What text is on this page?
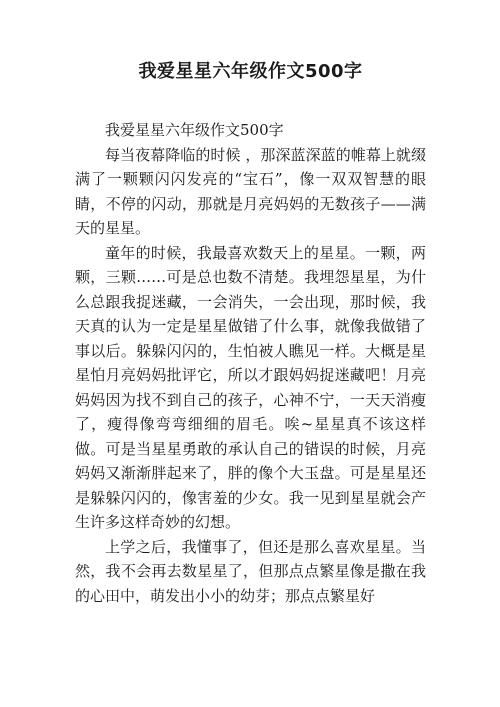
我爱星星六年级作文500字

我爱星星六年级作文500字

每当夜幕降临的时候 ，那深蓝深蓝的帷幕上就缀满了一颗颗闪闪发亮的“宝石”，像一双双智慧的眼睛，不停的闪动，那就是月亮妈妈的无数孩子——满天的星星。

童年的时候，我最喜欢数天上的星星。一颗，两颗，三颗……可是总也数不清楚。我埋怨星星，为什么总跟我捉迷藏，一会消失，一会出现，那时候，我天真的认为一定是星星做错了什么事，就像我做错了事以后。躲躲闪闪的，生怕被人瞧见一样。大概是星星怕月亮妈妈批评它，所以才跟妈妈捉迷藏吧！月亮妈妈因为找不到自己的孩子，心神不宁，一天天消瘦了，瘦得像弯弯细细的眉毛。唉~星星真不该这样做。可是当星星勇敢的承认自己的错误的时候，月亮妈妈又渐渐胖起来了，胖的像个大玉盘。可是星星还是躲躲闪闪的，像害羞的少女。我一见到星星就会产生许多这样奇妙的幻想。

上学之后，我懂事了，但还是那么喜欢星星。当然，我不会再去数星星了，但那点点繁星像是撒在我的心田中，萌发出小小的幼芽；那点点繁星好
